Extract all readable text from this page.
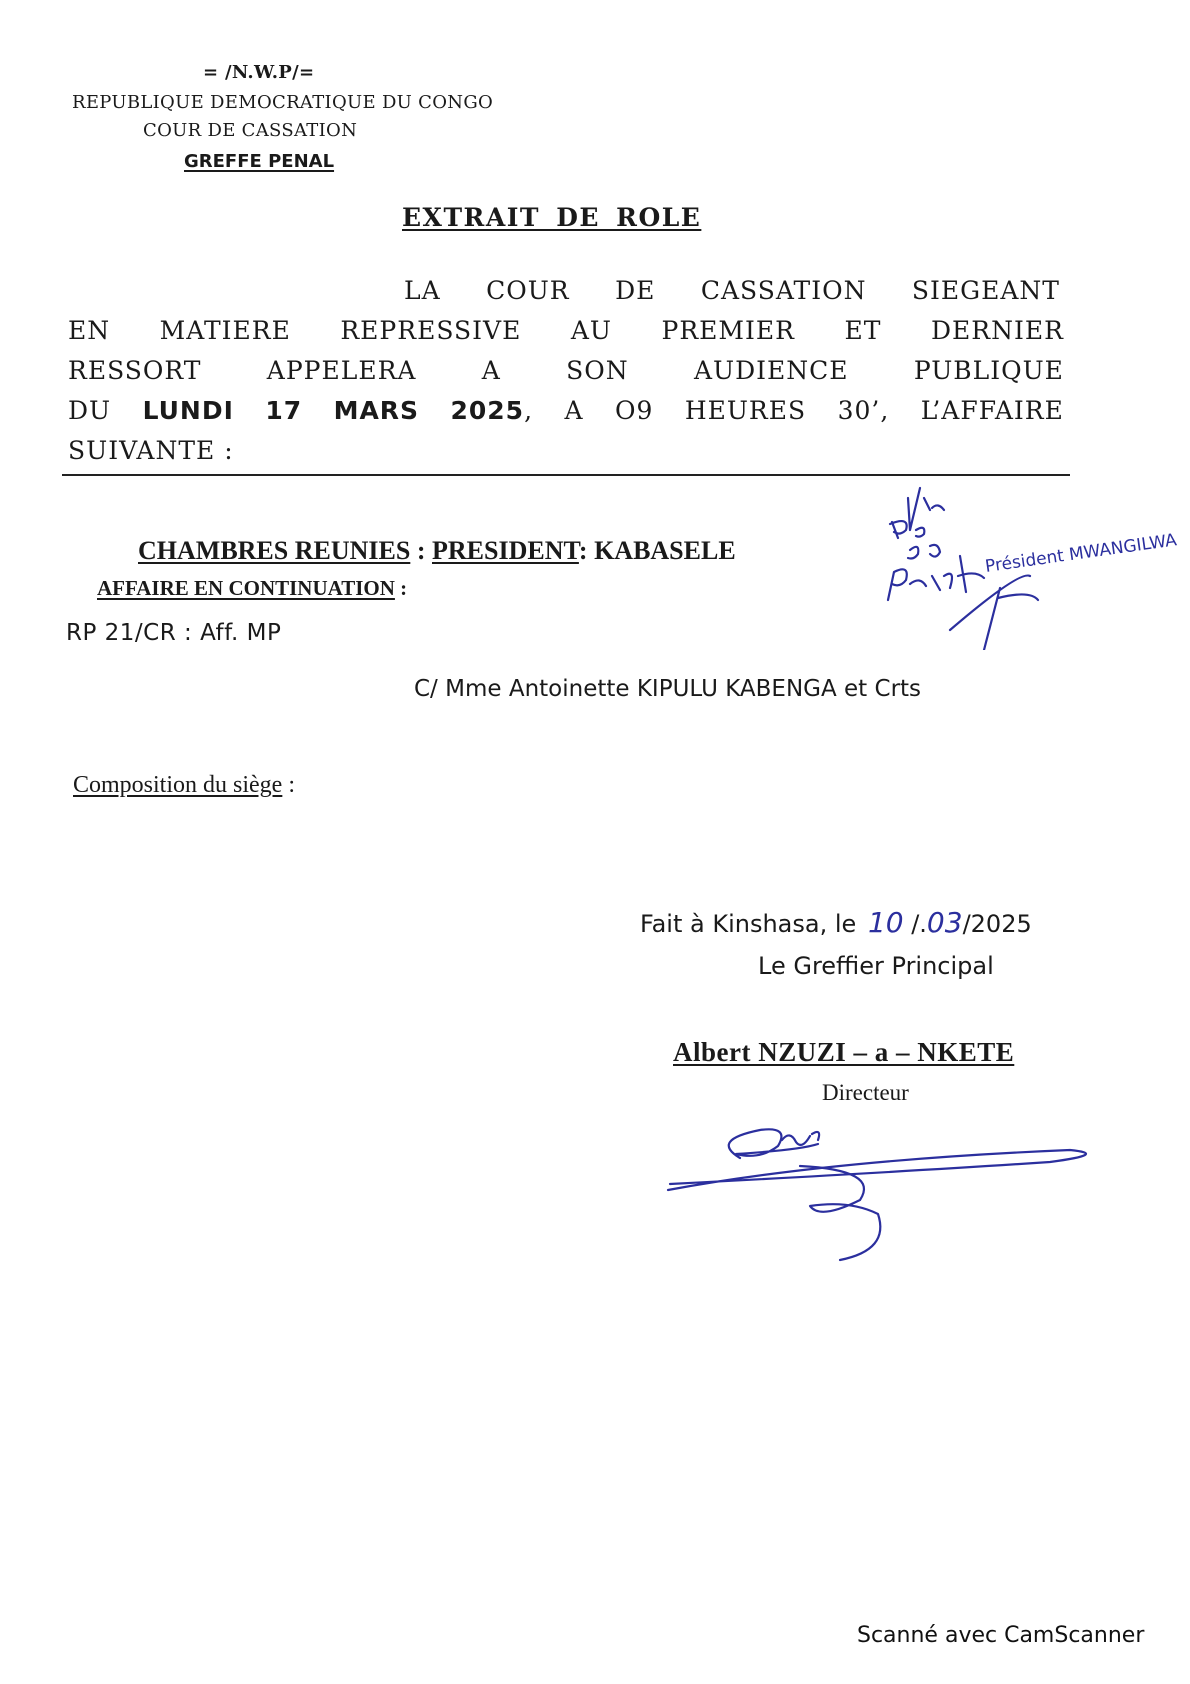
= /N.W.P/=
REPUBLIQUE DEMOCRATIQUE DU CONGO
COUR DE CASSATION
GREFFE PENAL
EXTRAIT DE ROLE
LA COUR DE CASSATION SIEGEANT
EN MATIERE REPRESSIVE AU PREMIER ET DERNIER
RESSORT	APPELERA	A	SON	AUDIENCE	PUBLIQUE
DU LUNDI 17 MARS 2025, A O9 HEURES 30’, L’AFFAIRE
SUIVANTE :
CHAMBRES REUNIES : PRESIDENT: KABASELE
AFFAIRE EN CONTINUATION :
RP 21/CR : Aff. MP
C/ Mme Antoinette KIPULU KABENGA et Crts
Composition du siège :
Président MWANGILWA
Fait à Kinshasa, le 10 /.03/2025
Le Greffier Principal
Albert NZUZI – a – NKETE
Directeur
Scanné avec CamScanner
